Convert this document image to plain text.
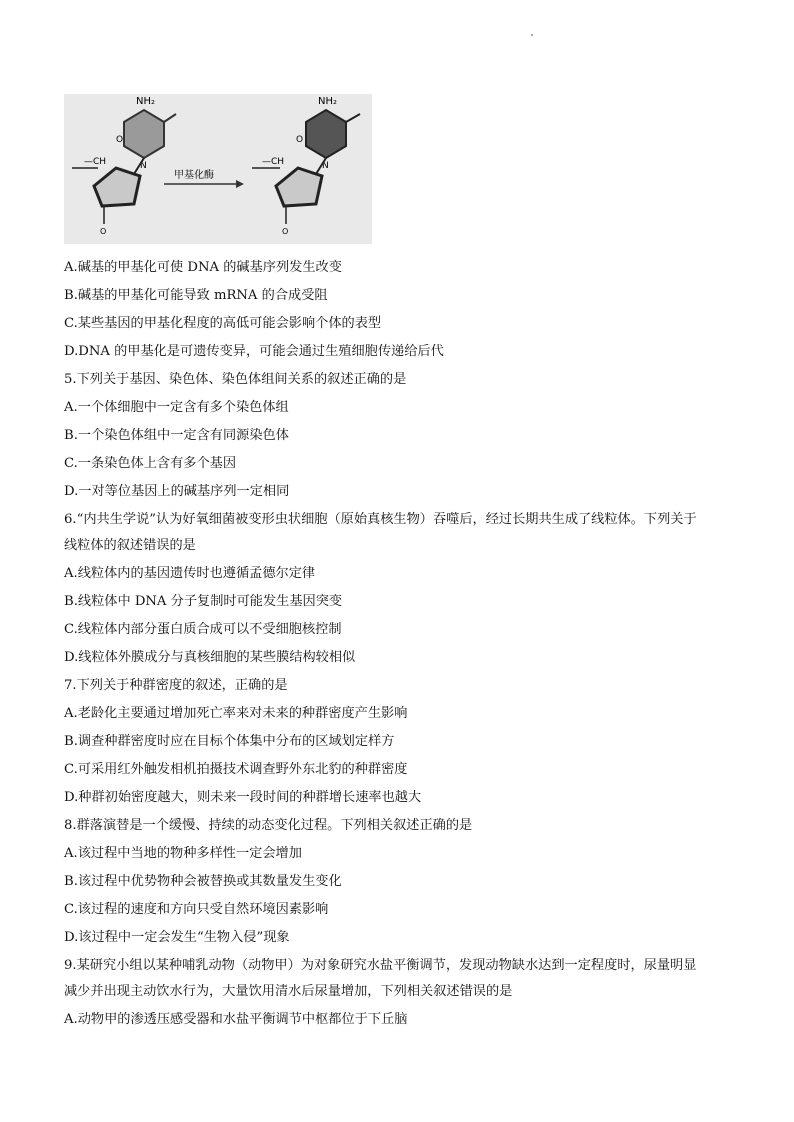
NH₂
O
N
—CH
O
甲基化酶
NH₂
O
N
—CH
O
A.碱基的甲基化可使 DNA 的碱基序列发生改变
B.碱基的甲基化可能导致 mRNA 的合成受阻
C.某些基因的甲基化程度的高低可能会影响个体的表型
D.DNA 的甲基化是可遗传变异，可能会通过生殖细胞传递给后代
5.下列关于基因、染色体、染色体组间关系的叙述正确的是
A.一个体细胞中一定含有多个染色体组
B.一个染色体组中一定含有同源染色体
C.一条染色体上含有多个基因
D.一对等位基因上的碱基序列一定相同
6.“内共生学说”认为好氧细菌被变形虫状细胞（原始真核生物）吞噬后，经过长期共生成了线粒体。下列关于
线粒体的叙述错误的是
A.线粒体内的基因遗传时也遵循孟德尔定律
B.线粒体中 DNA 分子复制时可能发生基因突变
C.线粒体内部分蛋白质合成可以不受细胞核控制
D.线粒体外膜成分与真核细胞的某些膜结构较相似
7.下列关于种群密度的叙述，正确的是
A.老龄化主要通过增加死亡率来对未来的种群密度产生影响
B.调查种群密度时应在目标个体集中分布的区域划定样方
C.可采用红外触发相机拍摄技术调查野外东北豹的种群密度
D.种群初始密度越大，则未来一段时间的种群增长速率也越大
8.群落演替是一个缓慢、持续的动态变化过程。下列相关叙述正确的是
A.该过程中当地的物种多样性一定会增加
B.该过程中优势物种会被替换或其数量发生变化
C.该过程的速度和方向只受自然环境因素影响
D.该过程中一定会发生“生物入侵”现象
9.某研究小组以某种哺乳动物（动物甲）为对象研究水盐平衡调节，发现动物缺水达到一定程度时，尿量明显
减少并出现主动饮水行为，大量饮用清水后尿量增加，下列相关叙述错误的是
A.动物甲的渗透压感受器和水盐平衡调节中枢都位于下丘脑
